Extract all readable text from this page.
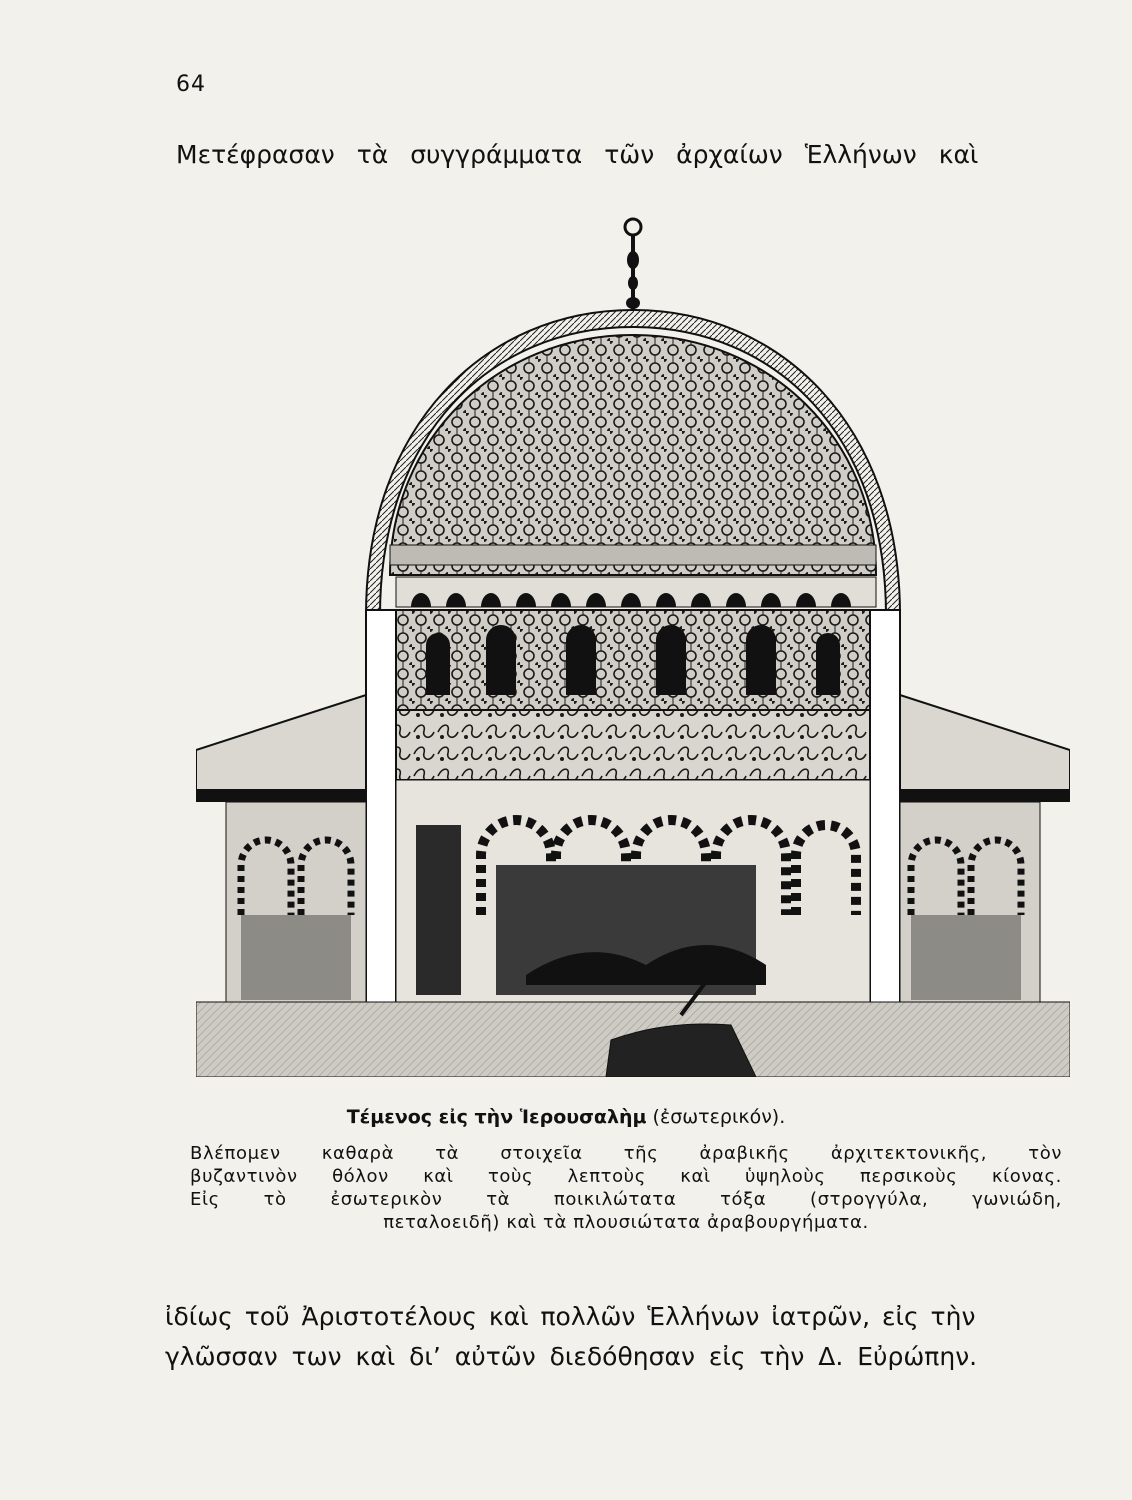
64
Μετέφρασαν τὰ συγγράμματα τῶν ἀρχαίων Ἑλλήνων καὶ
Τέμενος εἰς τὴν Ἱερουσαλὴμ (ἐσωτερικόν).
Βλέπομεν καθαρὰ τὰ στοιχεῖα τῆς ἀραβικῆς ἀρχιτεκτονικῆς, τὸν
βυζαντινὸν θόλον καὶ τοὺς λεπτοὺς καὶ ὑψηλοὺς περσικοὺς κίονας.
Εἰς τὸ ἐσωτερικὸν τὰ ποικιλώτατα τόξα (στρογγύλα, γωνιώδη,
πεταλοειδῆ) καὶ τὰ πλουσιώτατα ἀραβουργήματα.
ἰδίως τοῦ Ἀριστοτέλους καὶ πολλῶν Ἑλλήνων ἰατρῶν, εἰς τὴν
γλῶσσαν των καὶ δι’ αὐτῶν διεδόθησαν εἰς τὴν Δ. Εὐρώπην.
